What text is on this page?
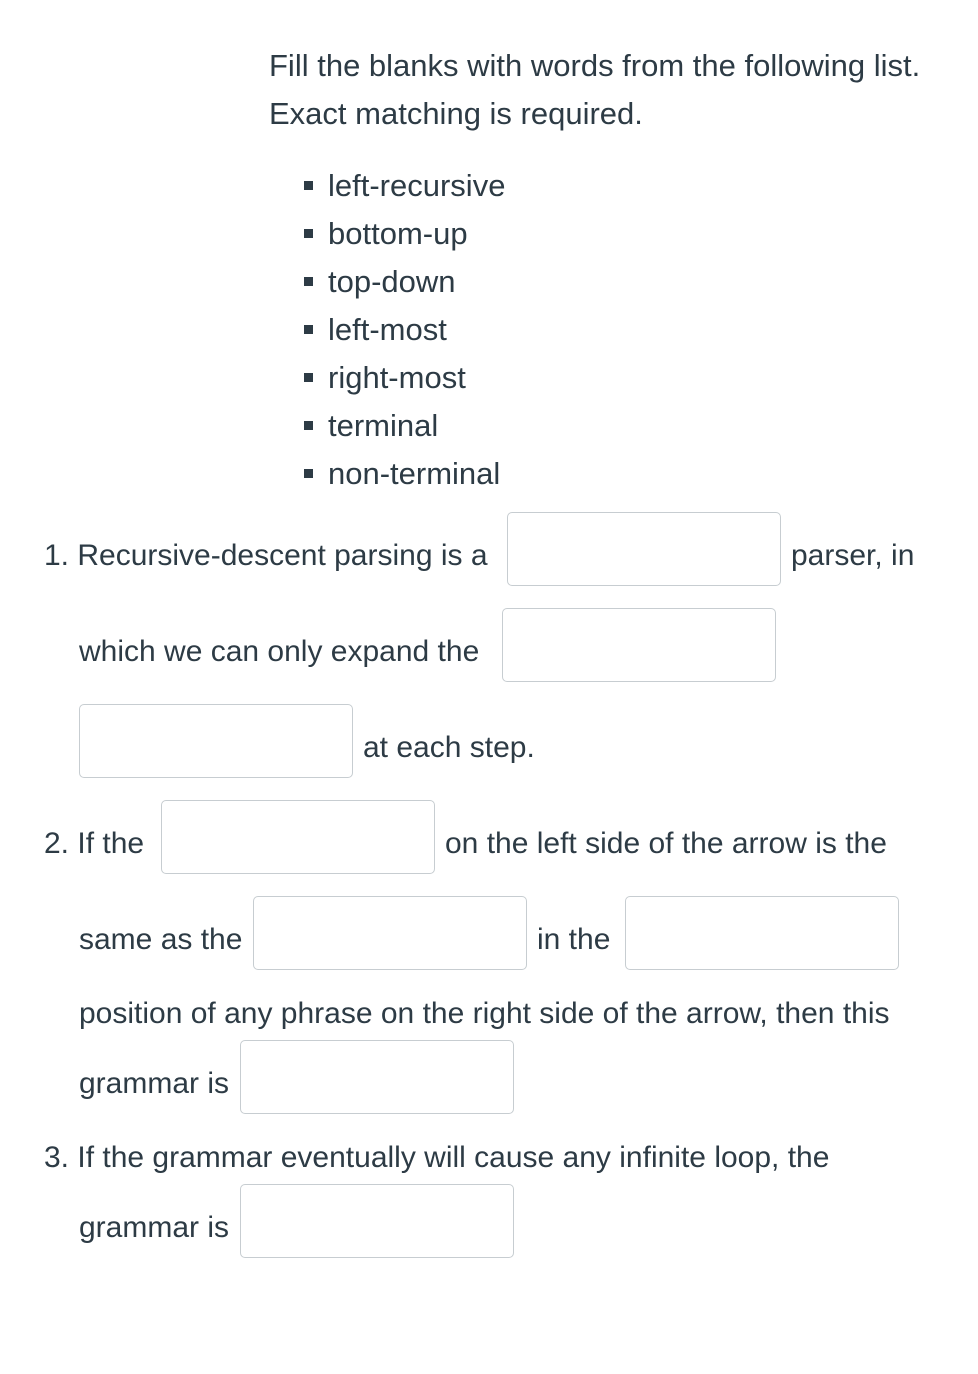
Fill the blanks with words from the following list.
Exact matching is required.
left-recursive
bottom-up
top-down
left-most
right-most
terminal
non-terminal
1. Recursive-descent parsing is a	parser, in
which we can only expand the
at each step.
2. If the	on the left side of the arrow is the
same as the	in the
position of any phrase on the right side of the arrow, then this
grammar is
3. If the grammar eventually will cause any infinite loop, the
grammar is
